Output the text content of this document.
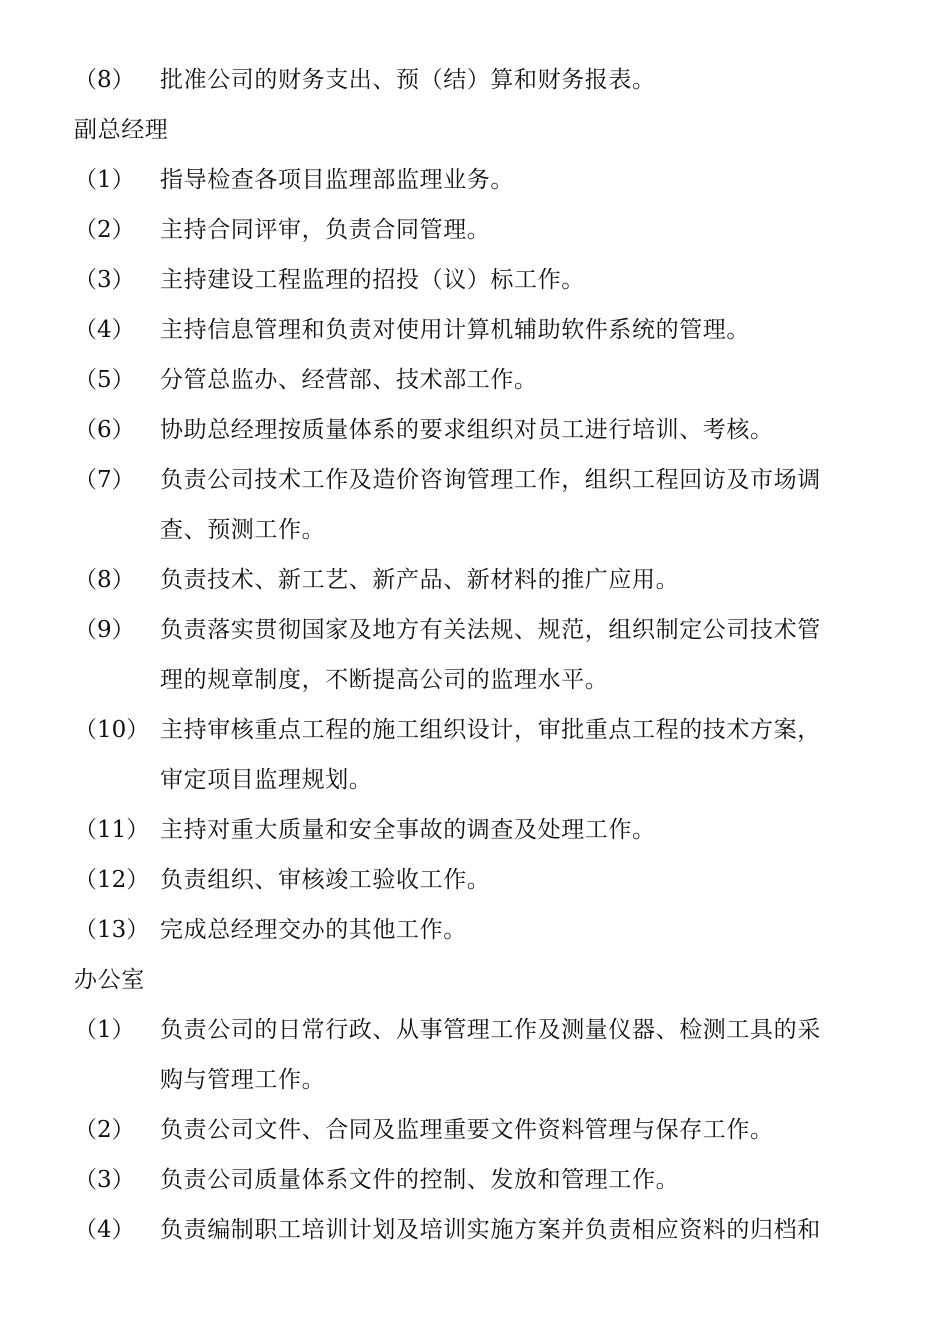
（8）	批准公司的财务支出、预（结）算和财务报表。
副总经理
（1）	指导检查各项目监理部监理业务。
（2）	主持合同评审，负责合同管理。
（3）	主持建设工程监理的招投（议）标工作。
（4）	主持信息管理和负责对使用计算机辅助软件系统的管理。
（5）	分管总监办、经营部、技术部工作。
（6）	协助总经理按质量体系的要求组织对员工进行培训、考核。
（7）	负责公司技术工作及造价咨询管理工作，组织工程回访及市场调
查、预测工作。
（8）	负责技术、新工艺、新产品、新材料的推广应用。
（9）	负责落实贯彻国家及地方有关法规、规范，组织制定公司技术管
理的规章制度，不断提高公司的监理水平。
（10） 主持审核重点工程的施工组织设计，审批重点工程的技术方案，
审定项目监理规划。
（11） 主持对重大质量和安全事故的调查及处理工作。
（12） 负责组织、审核竣工验收工作。
（13） 完成总经理交办的其他工作。
办公室
（1）	负责公司的日常行政、从事管理工作及测量仪器、检测工具的采
购与管理工作。
（2）	负责公司文件、合同及监理重要文件资料管理与保存工作。
（3）	负责公司质量体系文件的控制、发放和管理工作。
（4）	负责编制职工培训计划及培训实施方案并负责相应资料的归档和
